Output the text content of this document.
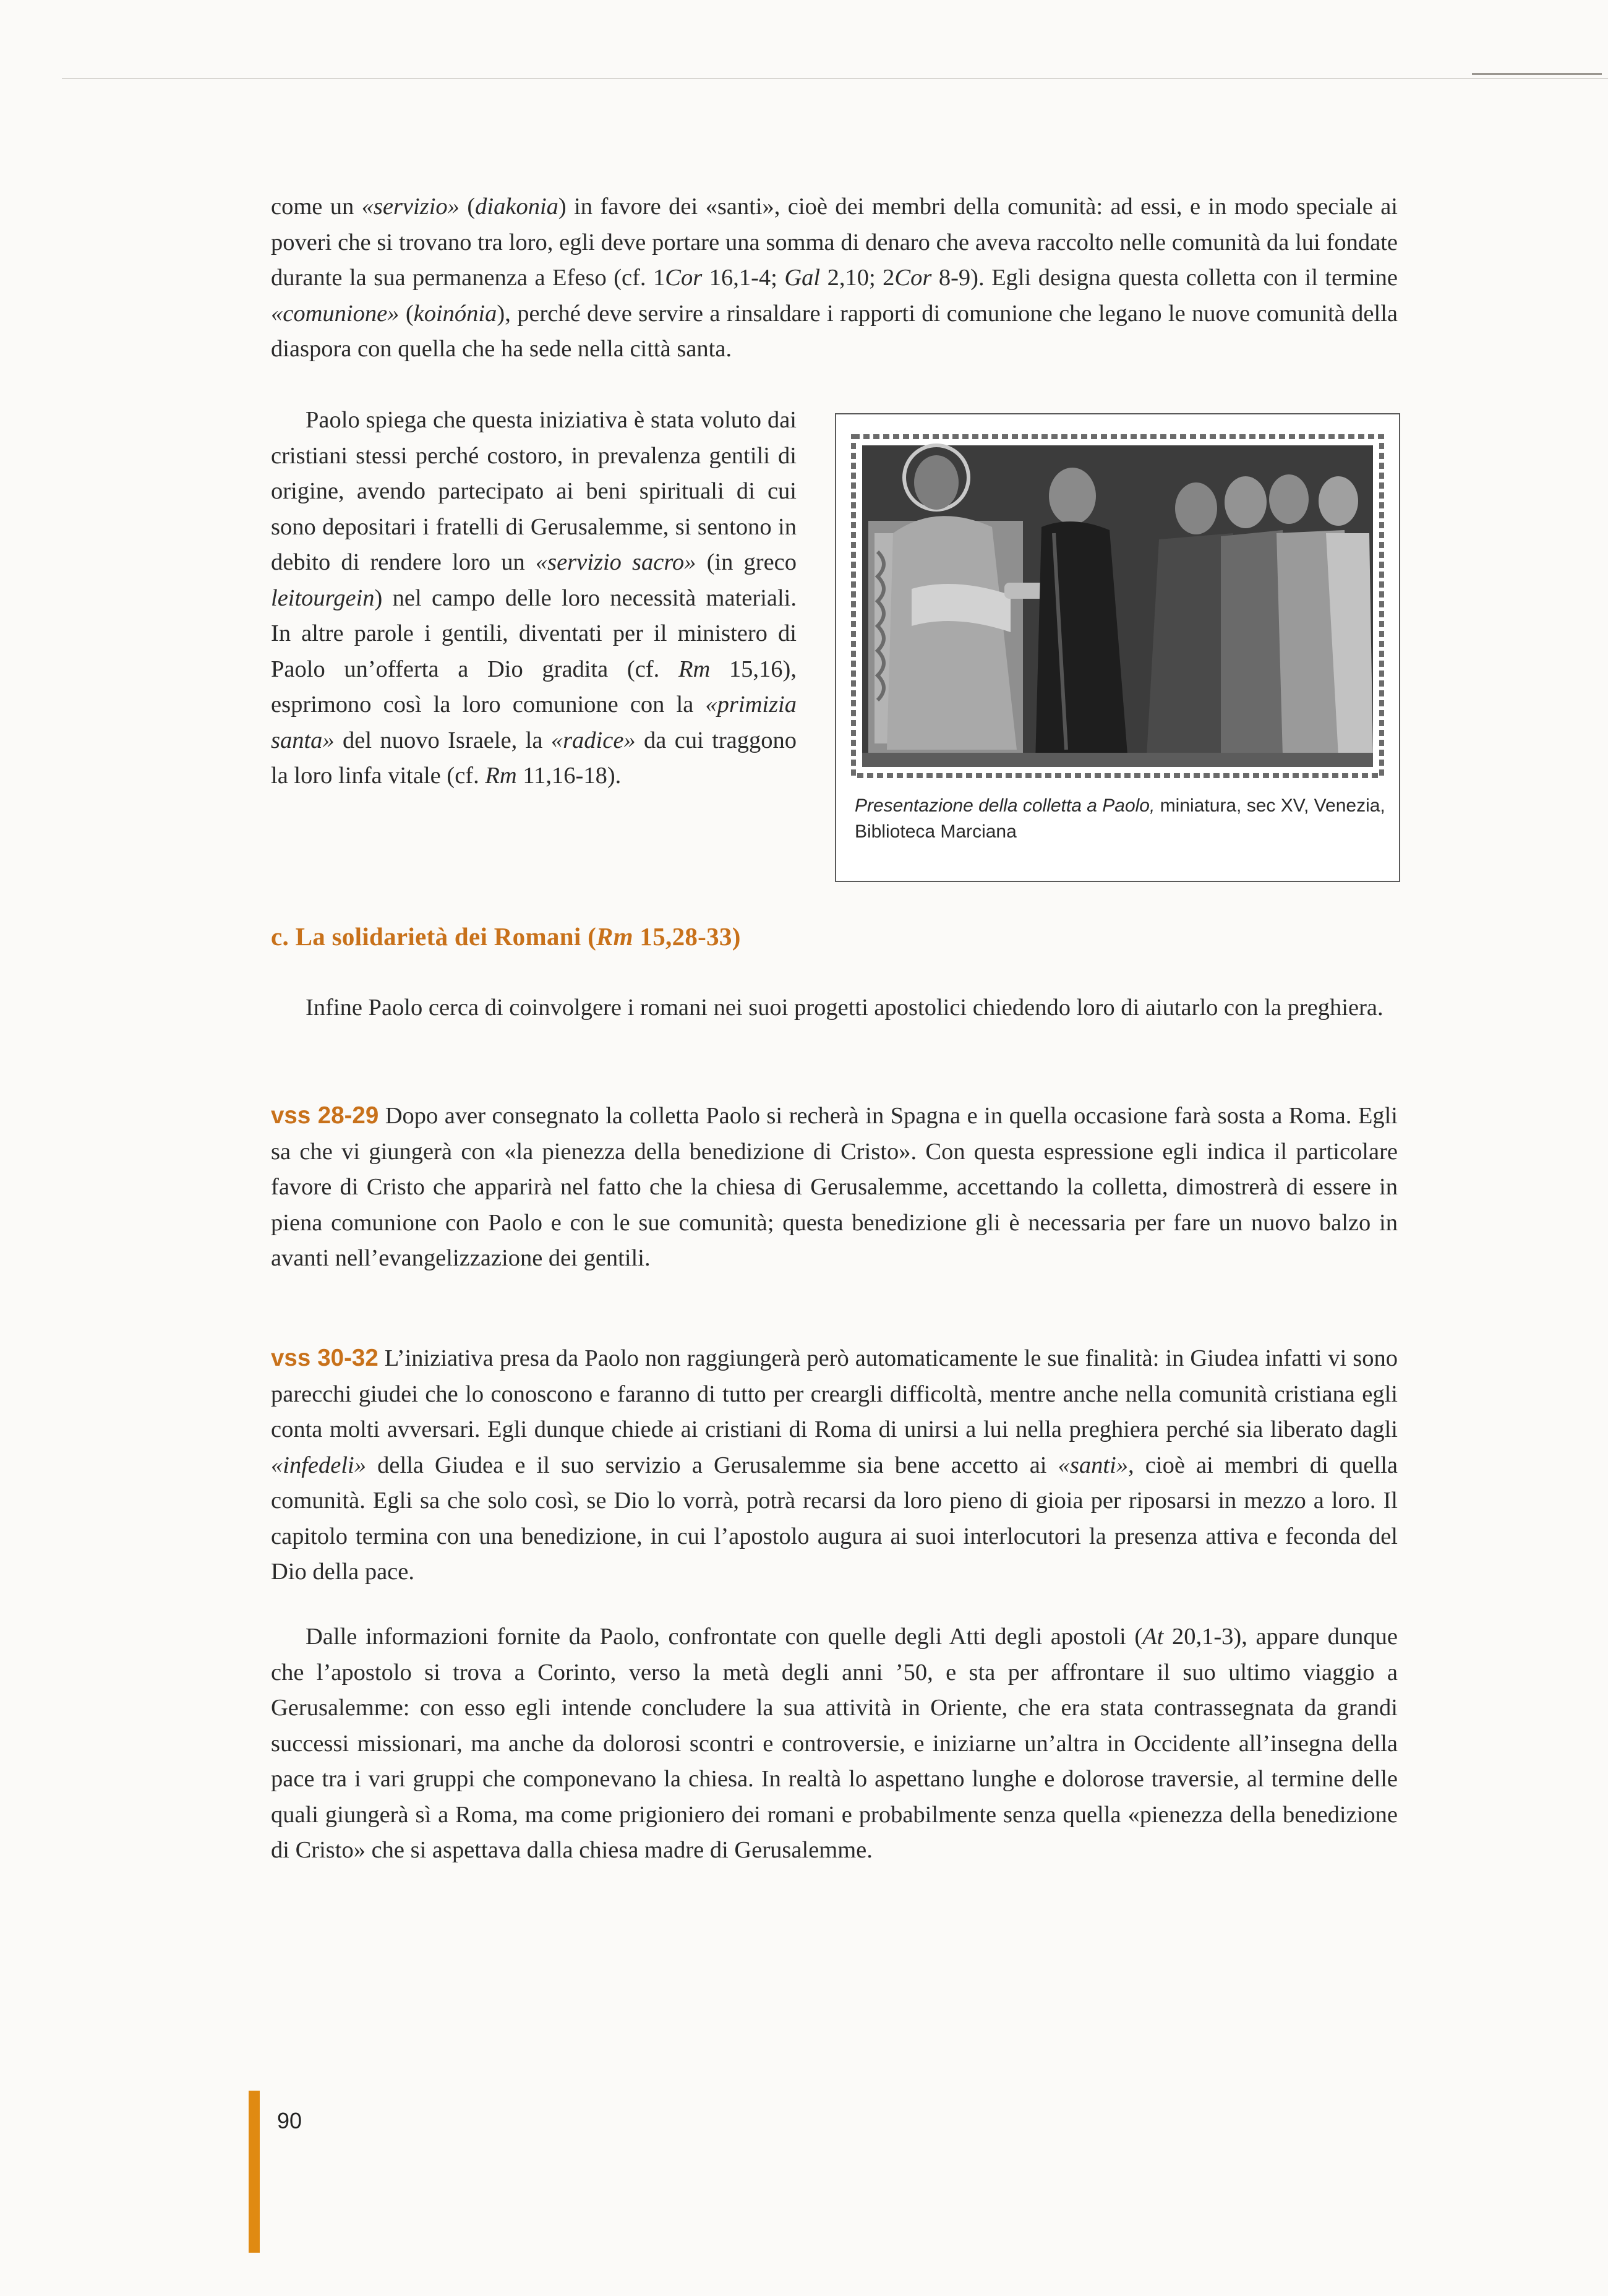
come un «servizio» (diakonia) in favore dei «santi», cioè dei membri della comunità: ad essi, e in modo speciale ai poveri che si trovano tra loro, egli deve portare una somma di denaro che aveva raccolto nelle comunità da lui fondate durante la sua permanenza a Efeso (cf. 1Cor 16,1-4; Gal 2,10; 2Cor 8-9). Egli designa questa colletta con il termine «comunione» (koinónia), perché deve servire a rinsaldare i rapporti di comunione che legano le nuove comunità della diaspora con quella che ha sede nella città santa.

Paolo spiega che questa iniziativa è stata voluto dai cristiani stessi perché costoro, in prevalenza gentili di origine, avendo partecipato ai beni spirituali di cui sono depositari i fratelli di Gerusalemme, si sentono in debito di rendere loro un «servizio sacro» (in greco leitourgein) nel campo delle loro necessità materiali. In altre parole i gentili, diventati per il ministero di Paolo un’offerta a Dio gradita (cf. Rm 15,16), esprimono così la loro comunione con la «primizia santa» del nuovo Israele, la «radice» da cui traggono la loro linfa vitale (cf. Rm 11,16-18).

Presentazione della colletta a Paolo, miniatura, sec XV, Venezia, Biblioteca Marciana

c. La solidarietà dei Romani (Rm 15,28-33)

Infine Paolo cerca di coinvolgere i romani nei suoi progetti apostolici chiedendo loro di aiutarlo con la preghiera.

vss 28-29 Dopo aver consegnato la colletta Paolo si recherà in Spagna e in quella occasione farà sosta a Roma. Egli sa che vi giungerà con «la pienezza della benedizione di Cristo». Con questa espressione egli indica il particolare favore di Cristo che apparirà nel fatto che la chiesa di Gerusalemme, accettando la colletta, dimostrerà di essere in piena comunione con Paolo e con le sue comunità; questa benedizione gli è necessaria per fare un nuovo balzo in avanti nell’evangelizzazione dei gentili.

vss 30-32 L’iniziativa presa da Paolo non raggiungerà però automaticamente le sue finalità: in Giudea infatti vi sono parecchi giudei che lo conoscono e faranno di tutto per creargli difficoltà, mentre anche nella comunità cristiana egli conta molti avversari. Egli dunque chiede ai cristiani di Roma di unirsi a lui nella preghiera perché sia liberato dagli «infedeli» della Giudea e il suo servizio a Gerusalemme sia bene accetto ai «santi», cioè ai membri di quella comunità. Egli sa che solo così, se Dio lo vorrà, potrà recarsi da loro pieno di gioia per riposarsi in mezzo a loro. Il capitolo termina con una benedizione, in cui l’apostolo augura ai suoi interlocutori la presenza attiva e feconda del Dio della pace.

Dalle informazioni fornite da Paolo, confrontate con quelle degli Atti degli apostoli (At 20,1-3), appare dunque che l’apostolo si trova a Corinto, verso la metà degli anni ’50, e sta per affrontare il suo ultimo viaggio a Gerusalemme: con esso egli intende concludere la sua attività in Oriente, che era stata contrassegnata da grandi successi missionari, ma anche da dolorosi scontri e controversie, e iniziarne un’altra in Occidente all’insegna della pace tra i vari gruppi che componevano la chiesa. In realtà lo aspettano lunghe e dolorose traversie, al termine delle quali giungerà sì a Roma, ma come prigioniero dei romani e probabilmente senza quella «pienezza della benedizione di Cristo» che si aspettava dalla chiesa madre di Gerusalemme.

90
